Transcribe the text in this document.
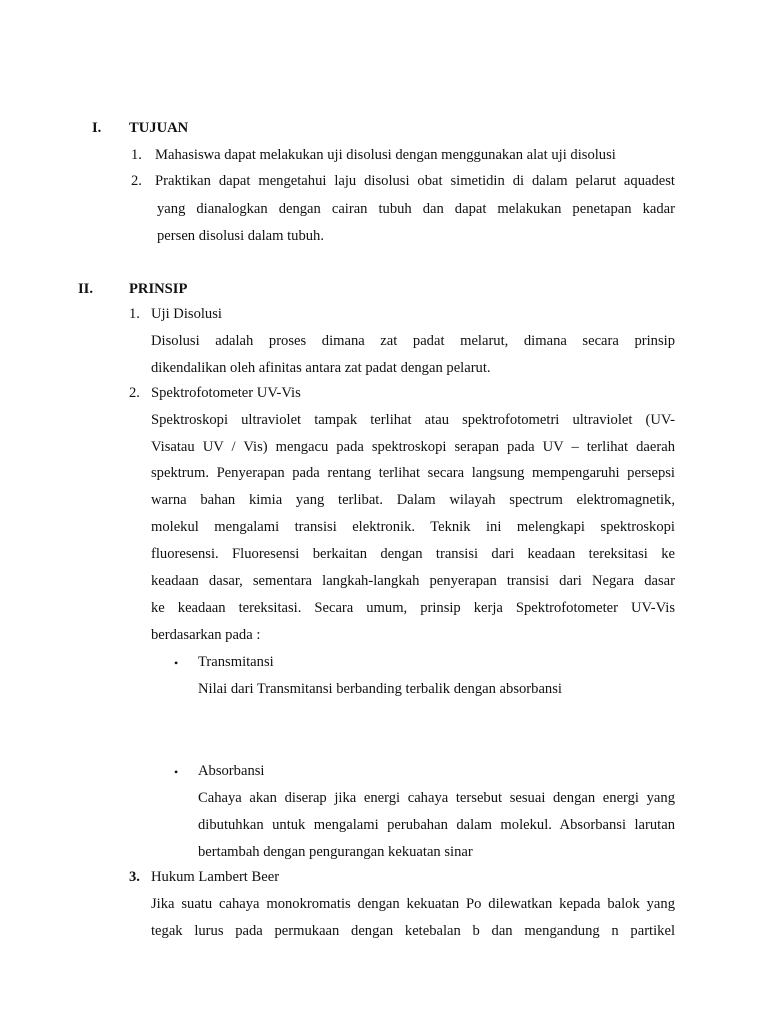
I. TUJUAN
1. Mahasiswa dapat melakukan uji disolusi dengan menggunakan alat uji disolusi
2. Praktikan dapat mengetahui laju disolusi obat simetidin di dalam pelarut aquadest
yang dianalogkan dengan cairan tubuh dan dapat melakukan penetapan kadar
persen disolusi dalam tubuh.
II. PRINSIP
1. Uji Disolusi
Disolusi adalah proses dimana zat padat melarut, dimana secara prinsip
dikendalikan oleh afinitas antara zat padat dengan pelarut.
2. Spektrofotometer UV-Vis
Spektroskopi ultraviolet tampak terlihat atau spektrofotometri ultraviolet (UV-
Visatau UV / Vis) mengacu pada spektroskopi serapan pada UV – terlihat daerah
spektrum. Penyerapan pada rentang terlihat secara langsung mempengaruhi persepsi
warna bahan kimia yang terlibat. Dalam wilayah spectrum elektromagnetik,
molekul mengalami transisi elektronik. Teknik ini melengkapi spektroskopi
fluoresensi. Fluoresensi berkaitan dengan transisi dari keadaan tereksitasi ke
keadaan dasar, sementara langkah-langkah penyerapan transisi dari Negara dasar
ke keadaan tereksitasi. Secara umum, prinsip kerja Spektrofotometer UV-Vis
berdasarkan pada :
• Transmitansi
Nilai dari Transmitansi berbanding terbalik dengan absorbansi
• Absorbansi
Cahaya akan diserap jika energi cahaya tersebut sesuai dengan energi yang
dibutuhkan untuk mengalami perubahan dalam molekul. Absorbansi larutan
bertambah dengan pengurangan kekuatan sinar
3. Hukum Lambert Beer
Jika suatu cahaya monokromatis dengan kekuatan Po dilewatkan kepada balok yang
tegak lurus pada permukaan dengan ketebalan b dan mengandung n partikel
